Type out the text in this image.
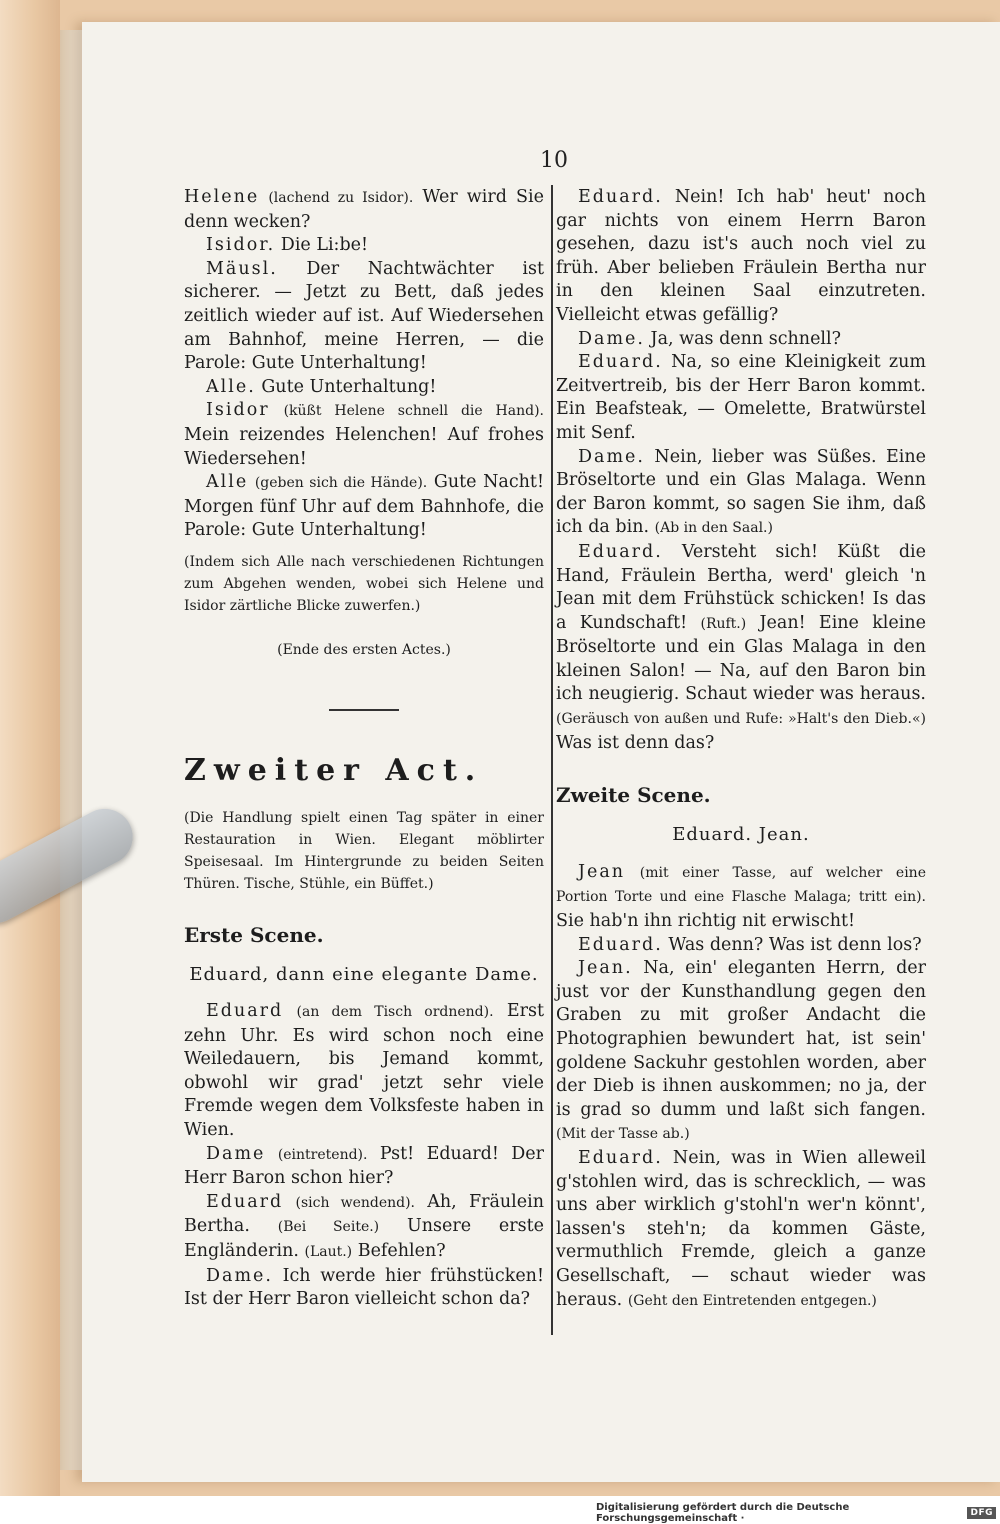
10

Helene (lachend zu Isidor). Wer wird Sie denn wecken?

Isidor. Die Li:be!

Mäusl. Der Nachtwächter ist sicherer. — Jetzt zu Bett, daß jedes zeitlich wieder auf ist. Auf Wiedersehen am Bahnhof, meine Herren, — die Parole: Gute Unterhaltung!

Alle. Gute Unterhaltung!

Isidor (küßt Helene schnell die Hand). Mein reizendes Helenchen! Auf frohes Wiedersehen!

Alle (geben sich die Hände). Gute Nacht! Morgen fünf Uhr auf dem Bahnhofe, die Parole: Gute Unterhaltung!

(Indem sich Alle nach verschiedenen Richtungen zum Abgehen wenden, wobei sich Helene und Isidor zärtliche Blicke zuwerfen.)

(Ende des ersten Actes.)

Zweiter Act.

(Die Handlung spielt einen Tag später in einer Restauration in Wien. Elegant möblirter Speisesaal. Im Hintergrunde zu beiden Seiten Thüren. Tische, Stühle, ein Büffet.)

Erste Scene.

Eduard, dann eine elegante Dame.

Eduard (an dem Tisch ordnend). Erst zehn Uhr. Es wird schon noch eine Weiledauern, bis Jemand kommt, obwohl wir grad' jetzt sehr viele Fremde wegen dem Volksfeste haben in Wien.

Dame (eintretend). Pst! Eduard! Der Herr Baron schon hier?

Eduard (sich wendend). Ah, Fräulein Bertha. (Bei Seite.) Unsere erste Engländerin. (Laut.) Befehlen?

Dame. Ich werde hier frühstücken! Ist der Herr Baron vielleicht schon da?

Eduard. Nein! Ich hab' heut' noch gar nichts von einem Herrn Baron gesehen, dazu ist's auch noch viel zu früh. Aber belieben Fräulein Bertha nur in den kleinen Saal einzutreten. Vielleicht etwas gefällig?

Dame. Ja, was denn schnell?

Eduard. Na, so eine Kleinigkeit zum Zeitvertreib, bis der Herr Baron kommt. Ein Beafsteak, — Omelette, Bratwürstel mit Senf.

Dame. Nein, lieber was Süßes. Eine Bröseltorte und ein Glas Malaga. Wenn der Baron kommt, so sagen Sie ihm, daß ich da bin. (Ab in den Saal.)

Eduard. Versteht sich! Küßt die Hand, Fräulein Bertha, werd' gleich 'n Jean mit dem Frühstück schicken! Is das a Kundschaft! (Ruft.) Jean! Eine kleine Bröseltorte und ein Glas Malaga in den kleinen Salon! — Na, auf den Baron bin ich neugierig. Schaut wieder was heraus. (Geräusch von außen und Rufe: »Halt's den Dieb.«) Was ist denn das?

Zweite Scene.

Eduard. Jean.

Jean (mit einer Tasse, auf welcher eine Portion Torte und eine Flasche Malaga; tritt ein). Sie hab'n ihn richtig nit erwischt!

Eduard. Was denn? Was ist denn los?

Jean. Na, ein' eleganten Herrn, der just vor der Kunsthandlung gegen den Graben zu mit großer Andacht die Photographien bewundert hat, ist sein' goldene Sackuhr gestohlen worden, aber der Dieb is ihnen auskommen; no ja, der is grad so dumm und laßt sich fangen. (Mit der Tasse ab.)

Eduard. Nein, was in Wien alleweil g'stohlen wird, das is schrecklich, — was uns aber wirklich g'stohl'n wer'n könnt', lassen's steh'n; da kommen Gäste, vermuthlich Fremde, gleich a ganze Gesellschaft, — schaut wieder was heraus. (Geht den Eintretenden entgegen.)

Digitalisierung gefördert durch die Deutsche Forschungsgemeinschaft ·	DFG
